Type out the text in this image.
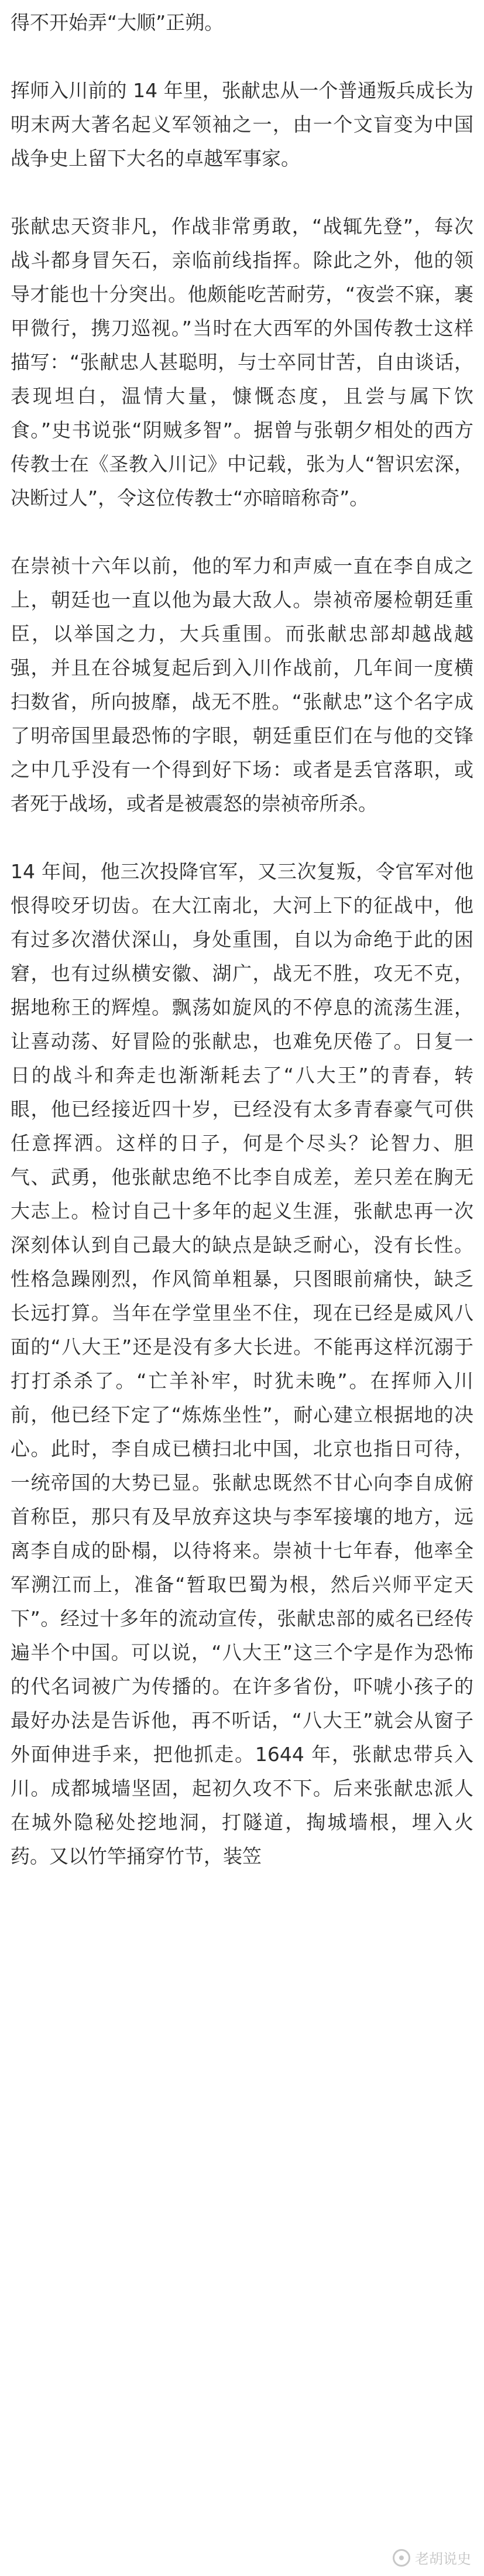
得不开始弄“大顺”正朔。

挥师入川前的 14 年里，张献忠从一个普通叛兵成长为明末两大著名起义军领袖之一，由一个文盲变为中国战争史上留下大名的卓越军事家。

张献忠天资非凡，作战非常勇敢，“战辄先登”，每次战斗都身冒矢石，亲临前线指挥。除此之外，他的领导才能也十分突出。他颇能吃苦耐劳，“夜尝不寐，裹甲微行，携刀巡视。”当时在大西军的外国传教士这样描写：“张献忠人甚聪明，与士卒同甘苦，自由谈话，表现坦白，温情大量，慷慨态度，且尝与属下饮食。”史书说张“阴贼多智”。据曾与张朝夕相处的西方传教士在《圣教入川记》中记载，张为人“智识宏深，决断过人”，令这位传教士“亦暗暗称奇”。

在崇祯十六年以前，他的军力和声威一直在李自成之上，朝廷也一直以他为最大敌人。崇祯帝屡检朝廷重臣，以举国之力，大兵重围。而张献忠部却越战越强，并且在谷城复起后到入川作战前，几年间一度横扫数省，所向披靡，战无不胜。“张献忠”这个名字成了明帝国里最恐怖的字眼，朝廷重臣们在与他的交锋之中几乎没有一个得到好下场：或者是丢官落职，或者死于战场，或者是被震怒的崇祯帝所杀。

14 年间，他三次投降官军，又三次复叛，令官军对他恨得咬牙切齿。在大江南北，大河上下的征战中，他有过多次潜伏深山，身处重围，自以为命绝于此的困窘，也有过纵横安徽、湖广，战无不胜，攻无不克，据地称王的辉煌。飘荡如旋风的不停息的流荡生涯，让喜动荡、好冒险的张献忠，也难免厌倦了。日复一日的战斗和奔走也渐渐耗去了“八大王”的青春，转眼，他已经接近四十岁，已经没有太多青春豪气可供任意挥洒。这样的日子，何是个尽头？论智力、胆气、武勇，他张献忠绝不比李自成差，差只差在胸无大志上。检讨自己十多年的起义生涯，张献忠再一次深刻体认到自己最大的缺点是缺乏耐心，没有长性。性格急躁刚烈，作风简单粗暴，只图眼前痛快，缺乏长远打算。当年在学堂里坐不住，现在已经是威风八面的“八大王”还是没有多大长进。不能再这样沉溺于打打杀杀了。“亡羊补牢，时犹未晚”。在挥师入川前，他已经下定了“炼炼坐性”，耐心建立根据地的决心。此时，李自成已横扫北中国，北京也指日可待，一统帝国的大势已显。张献忠既然不甘心向李自成俯首称臣，那只有及早放弃这块与李军接壤的地方，远离李自成的卧榻，以待将来。崇祯十七年春，他率全军溯江而上，准备“暂取巴蜀为根，然后兴师平定天下”。经过十多年的流动宣传，张献忠部的威名已经传遍半个中国。可以说，“八大王”这三个字是作为恐怖的代名词被广为传播的。在许多省份，吓唬小孩子的最好办法是告诉他，再不听话，“八大王”就会从窗子外面伸进手来，把他抓走。1644 年，张献忠带兵入川。成都城墙坚固，起初久攻不下。后来张献忠派人在城外隐秘处挖地洞，打隧道，掏城墙根，埋入火药。又以竹竿捅穿竹节，装笠

老胡说史
